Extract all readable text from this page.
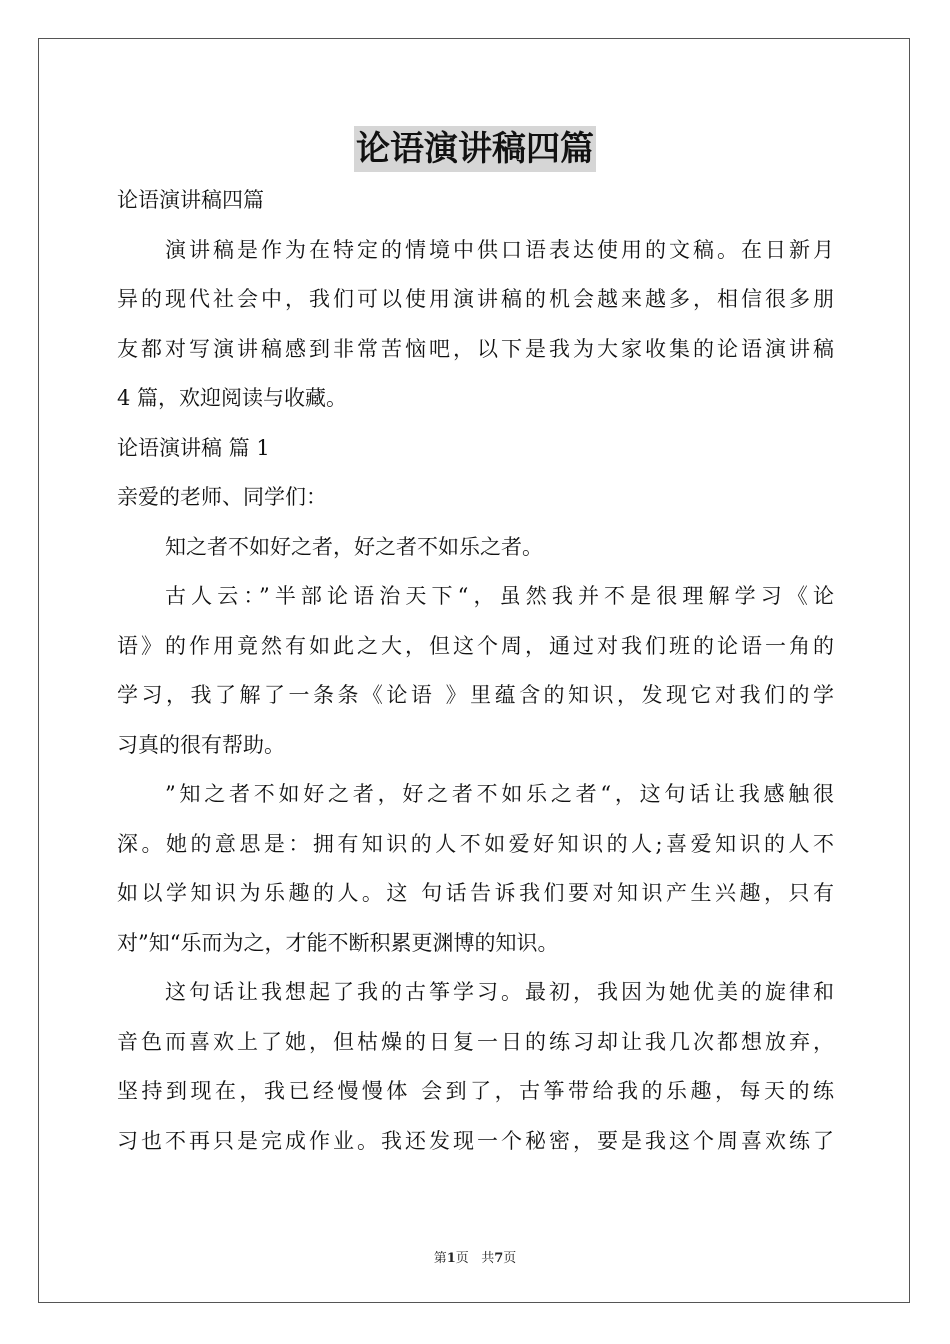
论语演讲稿四篇
论语演讲稿四篇
演讲稿是作为在特定的情境中供口语表达使用的文稿。在日新月
异的现代社会中，我们可以使用演讲稿的机会越来越多，相信很多朋
友都对写演讲稿感到非常苦恼吧，以下是我为大家收集的论语演讲稿
4 篇，欢迎阅读与收藏。
论语演讲稿 篇 1
亲爱的老师、同学们：
知之者不如好之者，好之者不如乐之者。
古人云：”半部论语治天下“，虽然我并不是很理解学习《论
语》的作用竟然有如此之大，但这个周，通过对我们班的论语一角的
学习，我了解了一条条《论语 》里蕴含的知识，发现它对我们的学
习真的很有帮助。
”知之者不如好之者，好之者不如乐之者“，这句话让我感触很
深。她的意思是：拥有知识的人不如爱好知识的人;喜爱知识的人不
如以学知识为乐趣的人。这 句话告诉我们要对知识产生兴趣，只有
对”知“乐而为之，才能不断积累更渊博的知识。
这句话让我想起了我的古筝学习。最初，我因为她优美的旋律和
音色而喜欢上了她，但枯燥的日复一日的练习却让我几次都想放弃，
坚持到现在，我已经慢慢体 会到了，古筝带给我的乐趣，每天的练
习也不再只是完成作业。我还发现一个秘密，要是我这个周喜欢练了
第1页 共7页
